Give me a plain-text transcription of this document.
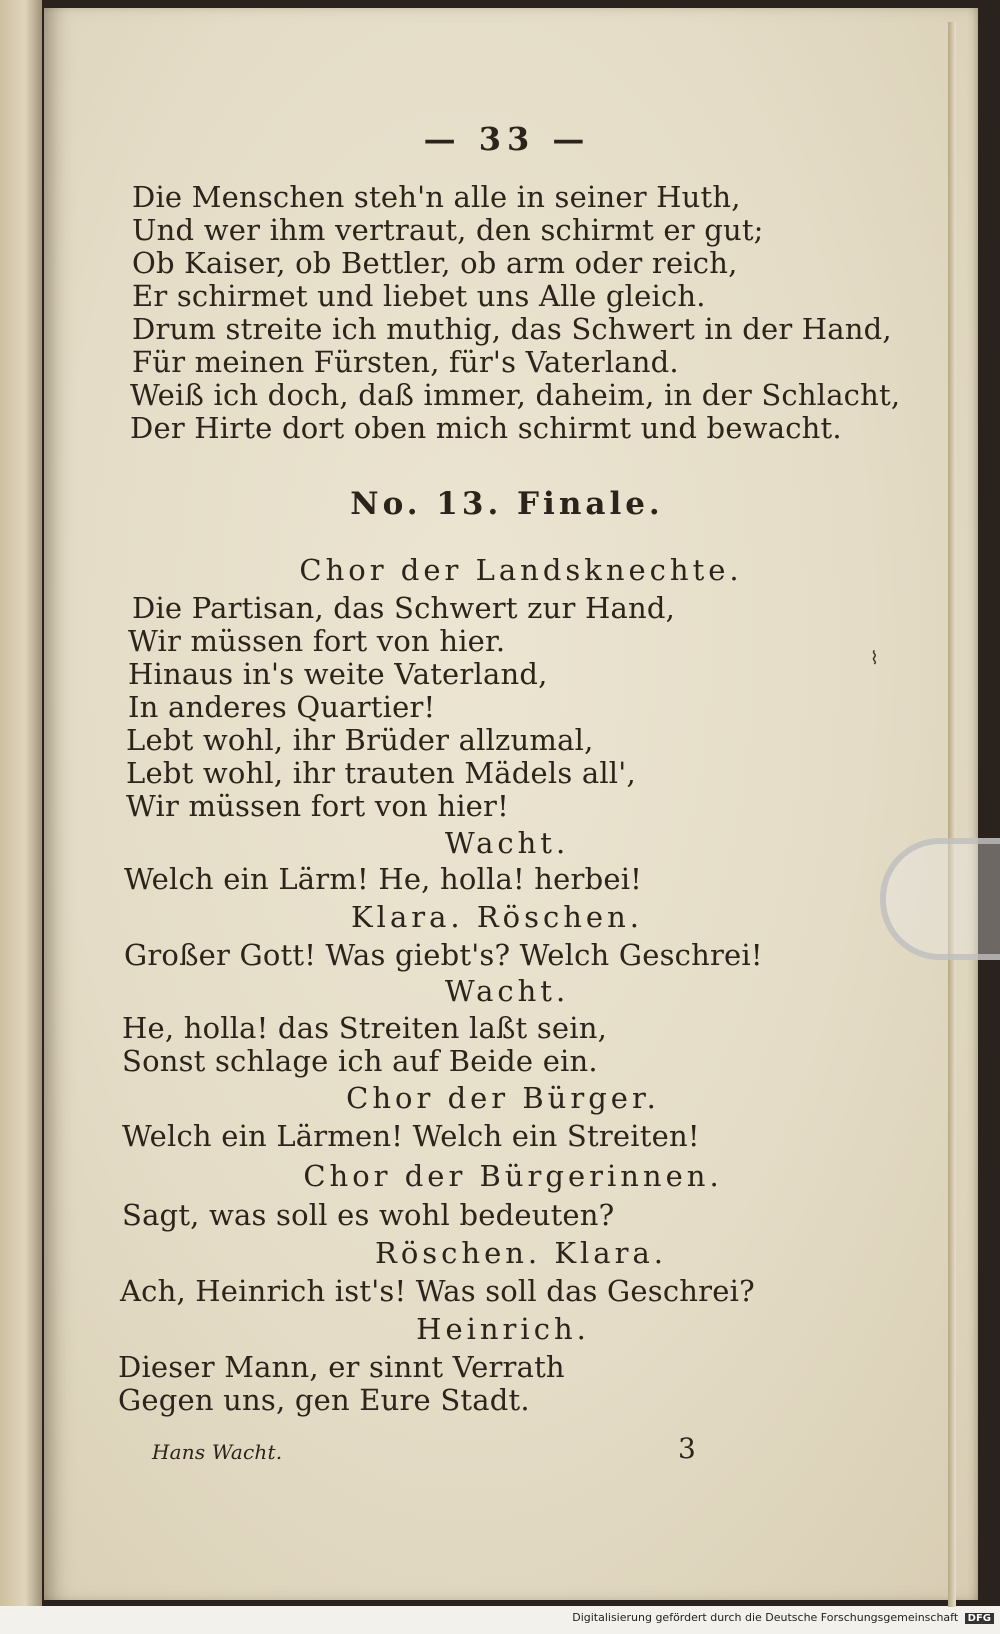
— 33 —
Die Menschen steh'n alle in seiner Huth,
Und wer ihm vertraut, den schirmt er gut;
Ob Kaiser, ob Bettler, ob arm oder reich,
Er schirmet und liebet uns Alle gleich.
Drum streite ich muthig, das Schwert in der Hand,
Für meinen Fürsten, für's Vaterland.
Weiß ich doch, daß immer, daheim, in der Schlacht,
Der Hirte dort oben mich schirmt und bewacht.
No. 13. Finale.
Chor der Landsknechte.
Die Partisan, das Schwert zur Hand,
Wir müssen fort von hier.
Hinaus in's weite Vaterland,
In anderes Quartier!
Lebt wohl, ihr Brüder allzumal,
Lebt wohl, ihr trauten Mädels all',
Wir müssen fort von hier!
Wacht.
Welch ein Lärm! He, holla! herbei!
Klara. Röschen.
Großer Gott! Was giebt's? Welch Geschrei!
Wacht.
He, holla! das Streiten laßt sein,
Sonst schlage ich auf Beide ein.
Chor der Bürger.
Welch ein Lärmen! Welch ein Streiten!
Chor der Bürgerinnen.
Sagt, was soll es wohl bedeuten?
Röschen. Klara.
Ach, Heinrich ist's! Was soll das Geschrei?
Heinrich.
Dieser Mann, er sinnt Verrath
Gegen uns, gen Eure Stadt.
Hans Wacht.	3
⌇
Digitalisierung gefördert durch die Deutsche Forschungsgemeinschaft DFG
